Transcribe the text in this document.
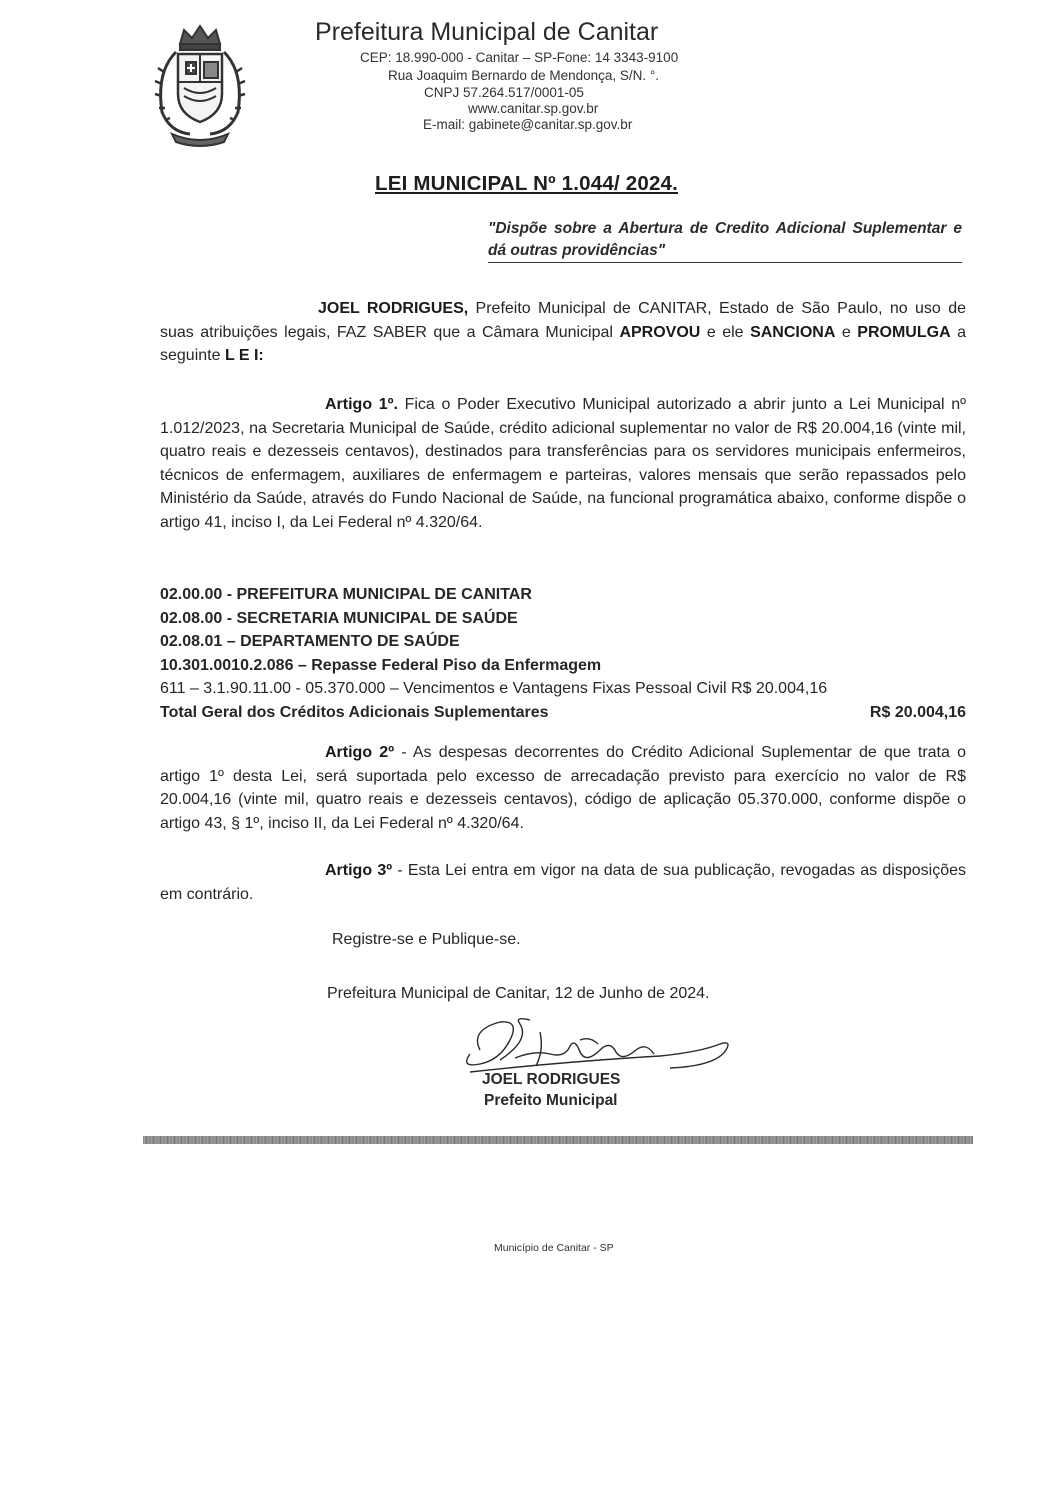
Prefeitura Municipal de Canitar
CEP: 18.990-000 - Canitar – SP-Fone: 14 3343-9100
Rua Joaquim Bernardo de Mendonça, S/N. °.
CNPJ 57.264.517/0001-05
www.canitar.sp.gov.br
E-mail: gabinete@canitar.sp.gov.br
LEI MUNICIPAL Nº 1.044/ 2024.
"Dispõe sobre a Abertura de Credito Adicional Suplementar e dá outras providências"
JOEL RODRIGUES, Prefeito Municipal de CANITAR, Estado de São Paulo, no uso de suas atribuições legais, FAZ SABER que a Câmara Municipal APROVOU e ele SANCIONA e PROMULGA a seguinte L E I:
Artigo 1º. Fica o Poder Executivo Municipal autorizado a abrir junto a Lei Municipal nº 1.012/2023, na Secretaria Municipal de Saúde, crédito adicional suplementar no valor de R$ 20.004,16 (vinte mil, quatro reais e dezesseis centavos), destinados para transferências para os servidores municipais enfermeiros, técnicos de enfermagem, auxiliares de enfermagem e parteiras, valores mensais que serão repassados pelo Ministério da Saúde, através do Fundo Nacional de Saúde, na funcional programática abaixo, conforme dispõe o artigo 41, inciso I, da Lei Federal nº 4.320/64.
02.00.00 - PREFEITURA MUNICIPAL DE CANITAR
02.08.00 - SECRETARIA MUNICIPAL DE SAÚDE
02.08.01 – DEPARTAMENTO DE SAÚDE
10.301.0010.2.086 – Repasse Federal Piso da Enfermagem
611 – 3.1.90.11.00 - 05.370.000 – Vencimentos e Vantagens Fixas Pessoal Civil R$ 20.004,16
Total Geral dos Créditos Adicionais Suplementares	R$ 20.004,16
Artigo 2º - As despesas decorrentes do Crédito Adicional Suplementar de que trata o artigo 1º desta Lei, será suportada pelo excesso de arrecadação previsto para exercício no valor de R$ 20.004,16 (vinte mil, quatro reais e dezesseis centavos), código de aplicação 05.370.000, conforme dispõe o artigo 43, § 1º, inciso II, da Lei Federal nº 4.320/64.
Artigo 3º - Esta Lei entra em vigor na data de sua publicação, revogadas as disposições em contrário.
Registre-se e Publique-se.
Prefeitura Municipal de Canitar, 12 de Junho de 2024.
JOEL RODRIGUES
Prefeito Municipal
Município de Canitar - SP
